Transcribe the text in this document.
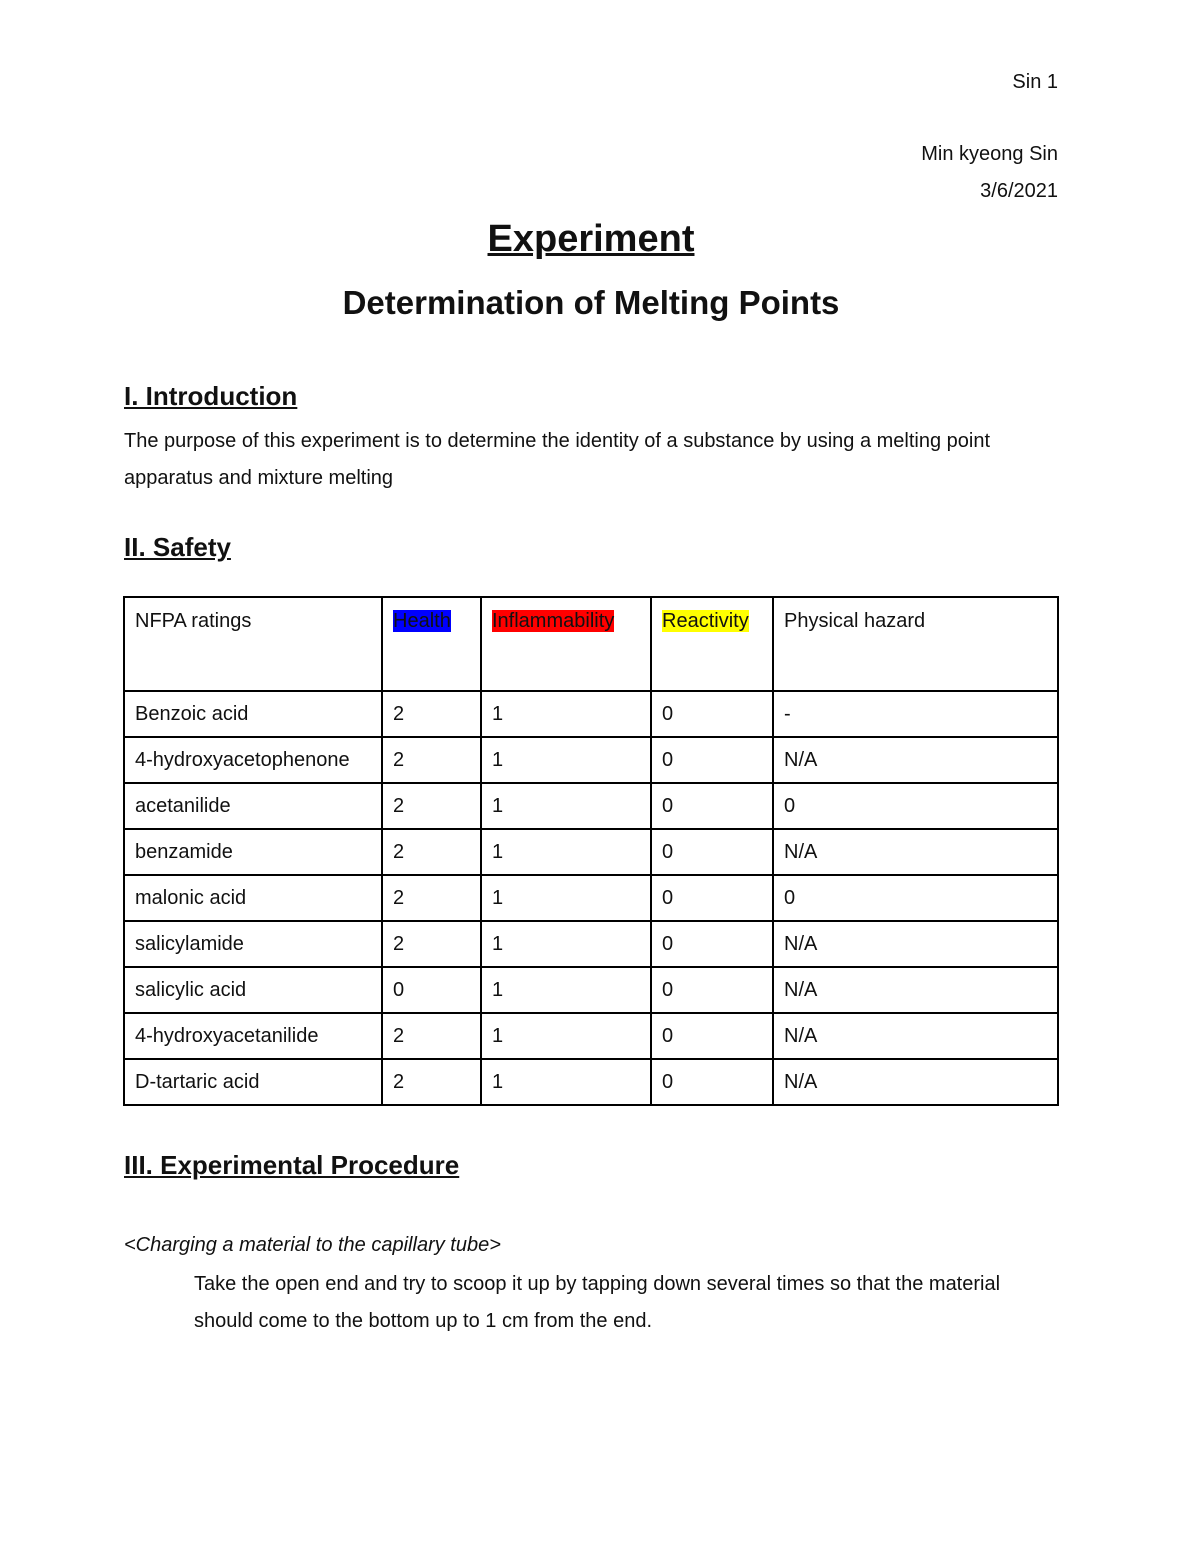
Sin 1

Min kyeong Sin

3/6/2021

Experiment
Determination of Melting Points
I. Introduction

The purpose of this experiment is to determine the identity of a substance by using a melting point apparatus and mixture melting

II. Safety
NFPA ratings	Health	Inflammability	Reactivity	Physical hazard
Benzoic acid	2	1	0	-
4-hydroxyacetophenone	2	1	0	N/A
acetanilide	2	1	0	0
benzamide	2	1	0	N/A
malonic acid	2	1	0	0
salicylamide	2	1	0	N/A
salicylic acid	0	1	0	N/A
4-hydroxyacetanilide	2	1	0	N/A
D-tartaric acid	2	1	0	N/A
III. Experimental Procedure

<Charging a material to the capillary tube>

Take the open end and try to scoop it up by tapping down several times so that the material should come to the bottom up to 1 cm from the end.
